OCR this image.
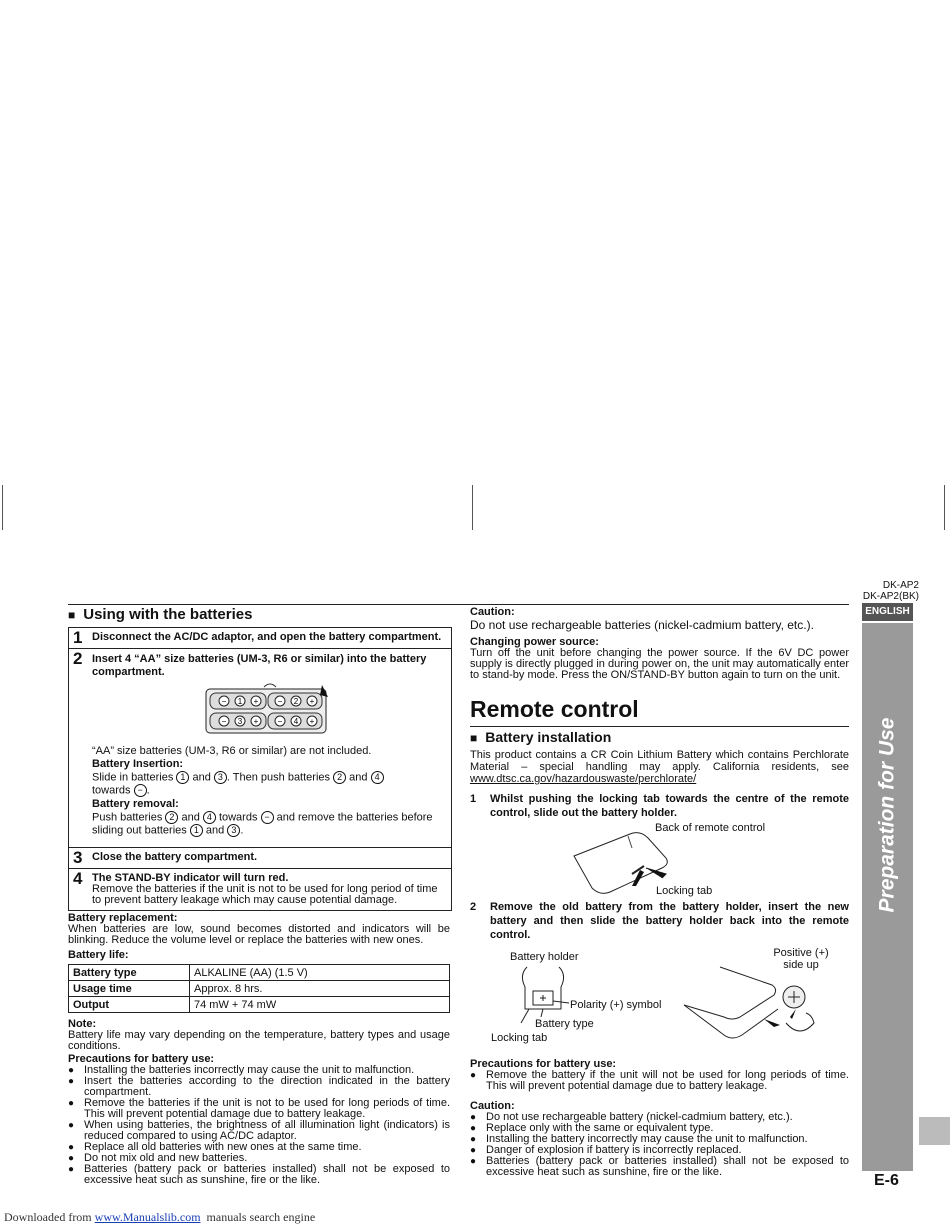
DK-AP2
DK-AP2(BK)
ENGLISH
Preparation for Use
E-6
■ Using with the batteries
1 Disconnect the AC/DC adaptor, and open the battery compartment.
2 Insert 4 “AA” size batteries (UM-3, R6 or similar) into the battery compartment.
− 1 + − 2 +
− 3 + − 4 +
“AA” size batteries (UM-3, R6 or similar) are not included.
Battery Insertion:
Slide in batteries 1 and 3 . Then push batteries 2 and 4
towards − .
Battery removal:
Push batteries 2 and 4 towards − and remove the batteries before
sliding out batteries 1 and 3 .
3 Close the battery compartment.
4 The STAND-BY indicator will turn red.
Remove the batteries if the unit is not to be used for long period of time to prevent battery leakage which may cause potential damage.
Battery replacement:
When batteries are low, sound becomes distorted and indicators will be blinking. Reduce the volume level or replace the batteries with new ones.
Battery life:
Battery type	ALKALINE (AA) (1.5 V)
Usage time	Approx. 8 hrs.
Output	74 mW + 74 mW
Note:
Battery life may vary depending on the temperature, battery types and usage conditions.
Precautions for battery use:
● Installing the batteries incorrectly may cause the unit to malfunction.
● Insert the batteries according to the direction indicated in the battery compartment.
● Remove the batteries if the unit is not to be used for long periods of time. This will prevent potential damage due to battery leakage.
● When using batteries, the brightness of all illumination light (indicators) is reduced compared to using AC/DC adaptor.
● Replace all old batteries with new ones at the same time.
● Do not mix old and new batteries.
● Batteries (battery pack or batteries installed) shall not be exposed to excessive heat such as sunshine, fire or the like.
Caution:
Do not use rechargeable batteries (nickel-cadmium battery, etc.).
Changing power source:
Turn off the unit before changing the power source. If the 6V DC power supply is directly plugged in during power on, the unit may automatically enter to stand-by mode. Press the ON/STAND-BY button again to turn on the unit.
Remote control
■ Battery installation
This product contains a CR Coin Lithium Battery which contains Perchlorate Material – special handling may apply. California residents, see www.dtsc.ca.gov/hazardouswaste/perchlorate/
1 Whilst pushing the locking tab towards the centre of the remote control, slide out the battery holder.
Back of remote control
Locking tab
2 Remove the old battery from the battery holder, insert the new battery and then slide the battery holder back into the remote control.
Battery holder
Polarity (+) symbol
Battery type
Locking tab
Positive (+)
side up
Precautions for battery use:
● Remove the battery if the unit will not be used for long periods of time. This will prevent potential damage due to battery leakage.
Caution:
● Do not use rechargeable battery (nickel-cadmium battery, etc.).
● Replace only with the same or equivalent type.
● Installing the battery incorrectly may cause the unit to malfunction.
● Danger of explosion if battery is incorrectly replaced.
● Batteries (battery pack or batteries installed) shall not be exposed to excessive heat such as sunshine, fire or the like.
Downloaded from www.Manualslib.com  manuals search engine
